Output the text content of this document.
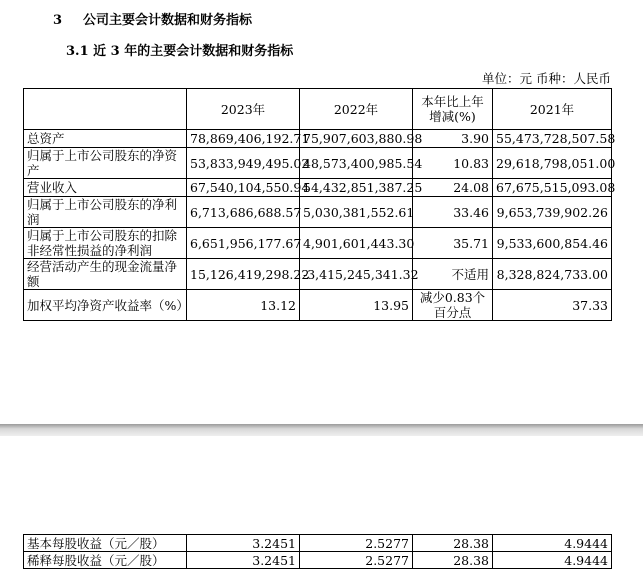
3 公司主要会计数据和财务指标
3.1 近 3 年的主要会计数据和财务指标
单位：元 币种：人民币
	2023年	2022年	本年比上年增减(%)	2021年
总资产	78,869,406,192.71	75,907,603,880.98	3.90	55,473,728,507.58
归属于上市公司股东的净资产	53,833,949,495.02	48,573,400,985.54	10.83	29,618,798,051.00
营业收入	67,540,104,550.94	54,432,851,387.25	24.08	67,675,515,093.08
归属于上市公司股东的净利润	6,713,686,688.57	5,030,381,552.61	33.46	9,653,739,902.26
归属于上市公司股东的扣除非经常性损益的净利润	6,651,956,177.67	4,901,601,443.30	35.71	9,533,600,854.46
经营活动产生的现金流量净额	15,126,419,298.22	-3,415,245,341.32	不适用	8,328,824,733.00
加权平均净资产收益率（%）	13.12	13.95	减少0.83个百分点	37.33
基本每股收益（元／股）	3.2451	2.5277	28.38	4.9444
稀释每股收益（元／股）	3.2451	2.5277	28.38	4.9444
